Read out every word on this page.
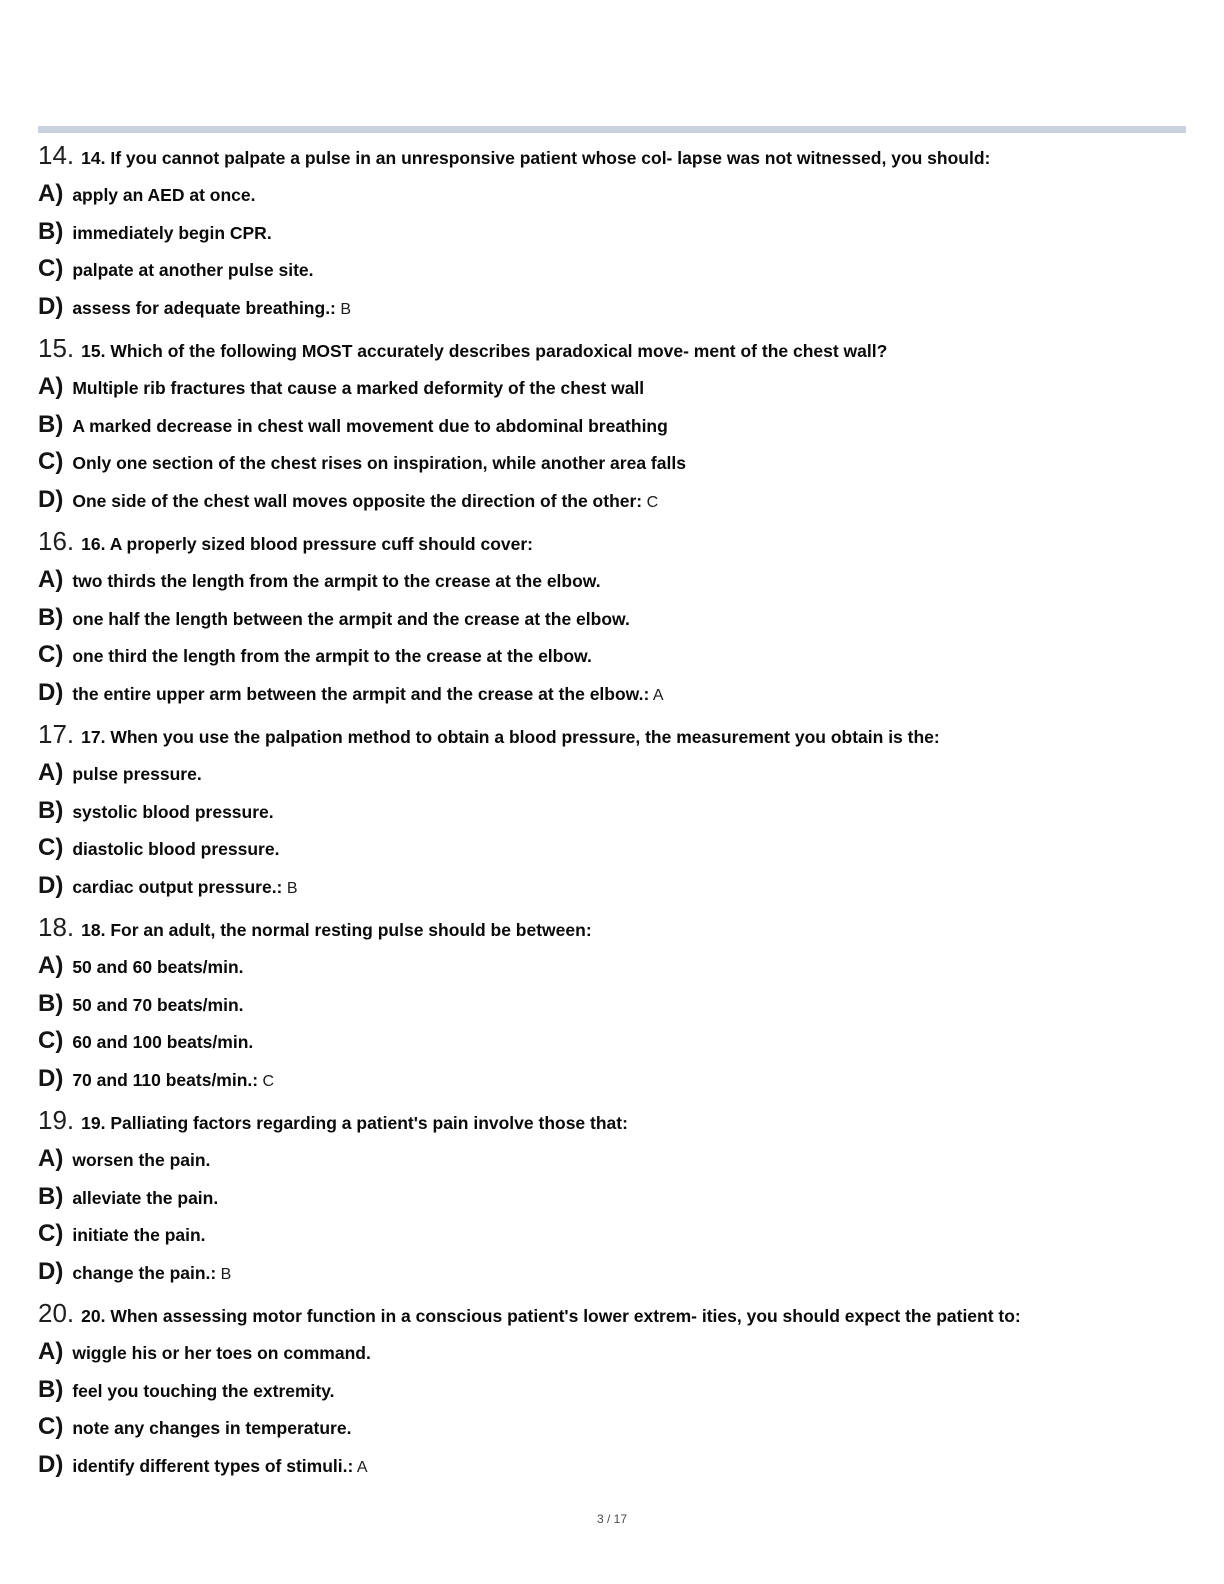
14. 14. If you cannot palpate a pulse in an unresponsive patient whose col- lapse was not witnessed, you should:

A) apply an AED at once.

B) immediately begin CPR.

C) palpate at another pulse site.

D) assess for adequate breathing.: B

15. 15. Which of the following MOST accurately describes paradoxical move- ment of the chest wall?

A) Multiple rib fractures that cause a marked deformity of the chest wall

B) A marked decrease in chest wall movement due to abdominal breathing

C) Only one section of the chest rises on inspiration, while another area falls

D) One side of the chest wall moves opposite the direction of the other: C

16. 16. A properly sized blood pressure cuff should cover:

A) two thirds the length from the armpit to the crease at the elbow.

B) one half the length between the armpit and the crease at the elbow.

C) one third the length from the armpit to the crease at the elbow.

D) the entire upper arm between the armpit and the crease at the elbow.: A

17. 17. When you use the palpation method to obtain a blood pressure, the measurement you obtain is the:

A) pulse pressure.

B) systolic blood pressure.

C) diastolic blood pressure.

D) cardiac output pressure.: B

18. 18. For an adult, the normal resting pulse should be between:

A) 50 and 60 beats/min.

B) 50 and 70 beats/min.

C) 60 and 100 beats/min.

D) 70 and 110 beats/min.: C

19. 19. Palliating factors regarding a patient's pain involve those that:

A) worsen the pain.

B) alleviate the pain.

C) initiate the pain.

D) change the pain.: B

20. 20. When assessing motor function in a conscious patient's lower extrem- ities, you should expect the patient to:

A) wiggle his or her toes on command.

B) feel you touching the extremity.

C) note any changes in temperature.

D) identify different types of stimuli.: A

3 / 17
